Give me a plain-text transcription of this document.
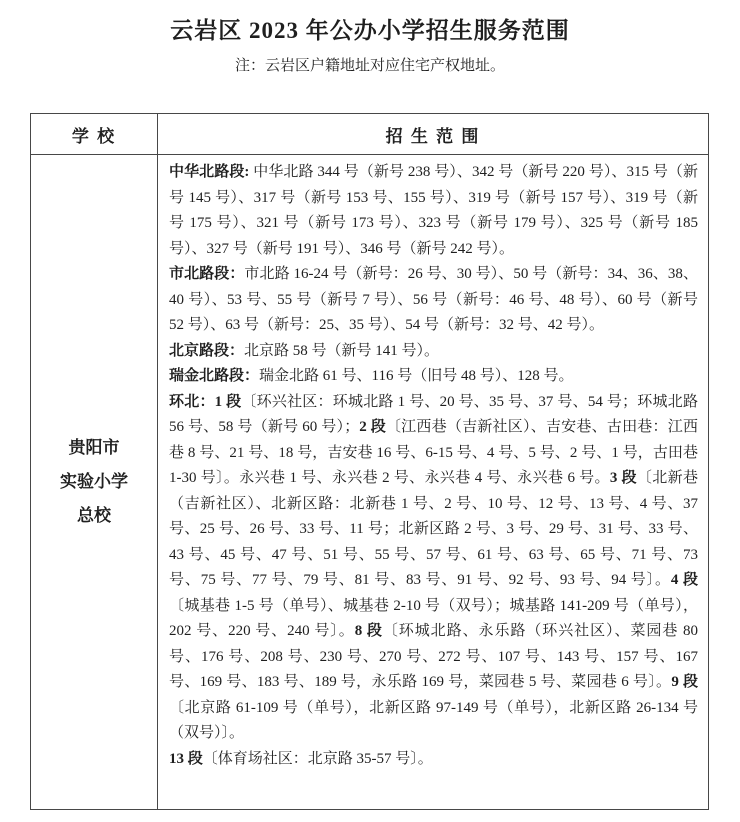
云岩区 2023 年公办小学招生服务范围
注：云岩区户籍地址对应住宅产权地址。
学 校	招 生 范 围

贵阳市
实验小学
总校

中华北路段: 中华北路 344 号（新号 238 号）、342 号（新号 220 号）、315 号（新号 145 号）、317 号（新号 153 号、155 号）、319 号（新号 157 号）、319 号（新号 175 号）、321 号（新号 173 号）、323 号（新号 179 号）、325 号（新号 185 号）、327 号（新号 191 号）、346 号（新号 242 号）。

市北路段：市北路 16-24 号（新号：26 号、30 号）、50 号（新号：34、36、38、40 号）、53 号、55 号（新号 7 号）、56 号（新号：46 号、48 号）、60 号（新号 52 号）、63 号（新号：25、35 号）、54 号（新号：32 号、42 号）。

北京路段：北京路 58 号（新号 141 号）。

瑞金北路段：瑞金北路 61 号、116 号（旧号 48 号）、128 号。

环北：1 段〔环兴社区：环城北路 1 号、20 号、35 号、37 号、54 号；环城北路 56 号、58 号（新号 60 号）；2 段〔江西巷（吉新社区）、吉安巷、古田巷：江西巷 8 号、21 号、18 号，吉安巷 16 号、6-15 号、4 号、5 号、2 号、1 号，古田巷 1-30 号〕。永兴巷 1 号、永兴巷 2 号、永兴巷 4 号、永兴巷 6 号。3 段〔北新巷（吉新社区）、北新区路：北新巷 1 号、2 号、10 号、12 号、13 号、4 号、37 号、25 号、26 号、33 号、11 号；北新区路 2 号、3 号、29 号、31 号、33 号、43 号、45 号、47 号、51 号、55 号、57 号、61 号、63 号、65 号、71 号、73 号、75 号、77 号、79 号、81 号、83 号、91 号、92 号、93 号、94 号〕。4 段〔城基巷 1-5 号（单号）、城基巷 2-10 号（双号）；城基路 141-209 号（单号），202 号、220 号、240 号〕。8 段〔环城北路、永乐路（环兴社区）、菜园巷 80 号、176 号、208 号、230 号、270 号、272 号、107 号、143 号、157 号、167 号、169 号、183 号、189 号，永乐路 169 号，菜园巷 5 号、菜园巷 6 号〕。9 段〔北京路 61-109 号（单号），北新区路 97-149 号（单号），北新区路 26-134 号（双号）〕。

13 段〔体育场社区：北京路 35-57 号〕。
